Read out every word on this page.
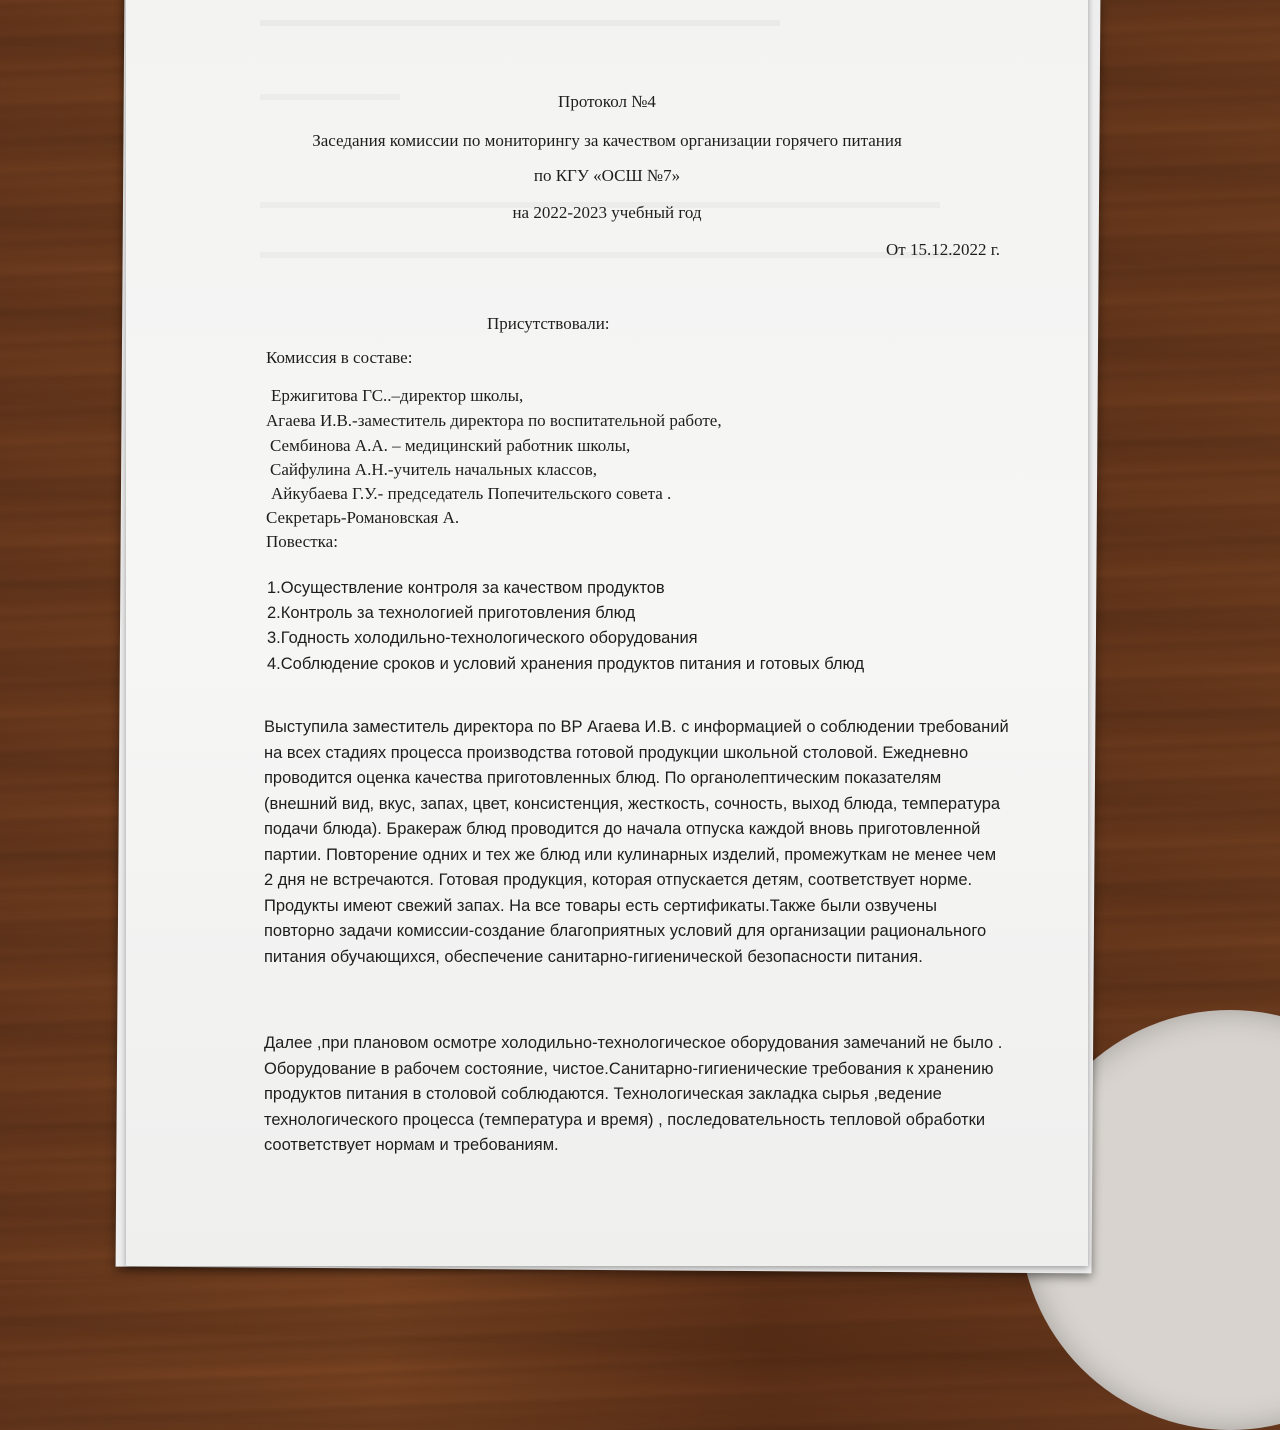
Протокол №4
Заседания комиссии по мониторингу за качеством организации горячего питания
по КГУ «ОСШ №7»
на 2022-2023 учебный год
От 15.12.2022 г.
Присутствовали:
Комиссия в составе:
Ержигитова ГС..–директор школы,
Агаева И.В.-заместитель директора по воспитательной работе,
Сембинова А.А. – медицинский работник школы,
Сайфулина А.Н.-учитель начальных классов,
Айкубаева Г.У.- председатель Попечительского совета .
Секретарь-Романовская А.
Повестка:
1.Осуществление контроля за качеством продуктов
2.Контроль за технологией приготовления блюд
3.Годность холодильно-технологического оборудования
4.Соблюдение сроков и условий хранения продуктов питания и готовых блюд
Выступила заместитель директора по ВР Агаева И.В. с информацией о соблюдении требований на всех стадиях процесса производства готовой продукции школьной столовой. Ежедневно проводится оценка качества приготовленных блюд. По органолептическим показателям (внешний вид, вкус, запах, цвет, консистенция, жесткость, сочность, выход блюда, температура подачи блюда). Бракераж блюд проводится до начала отпуска каждой вновь приготовленной партии. Повторение одних и тех же блюд или кулинарных изделий, промежуткам не менее чем 2 дня не встречаются. Готовая продукция, которая отпускается детям, соответствует норме. Продукты имеют свежий запах. На все товары есть сертификаты.Также были озвучены повторно задачи комиссии-создание благоприятных условий для организации рационального питания обучающихся, обеспечение санитарно-гигиенической безопасности питания.
Далее ,при плановом осмотре холодильно-технологическое оборудования замечаний не было . Оборудование в рабочем состояние, чистое.Санитарно-гигиенические требования к хранению продуктов питания в столовой соблюдаются. Технологическая закладка сырья ,ведение технологического процесса (температура и время) , последовательность тепловой обработки соответствует нормам и требованиям.
